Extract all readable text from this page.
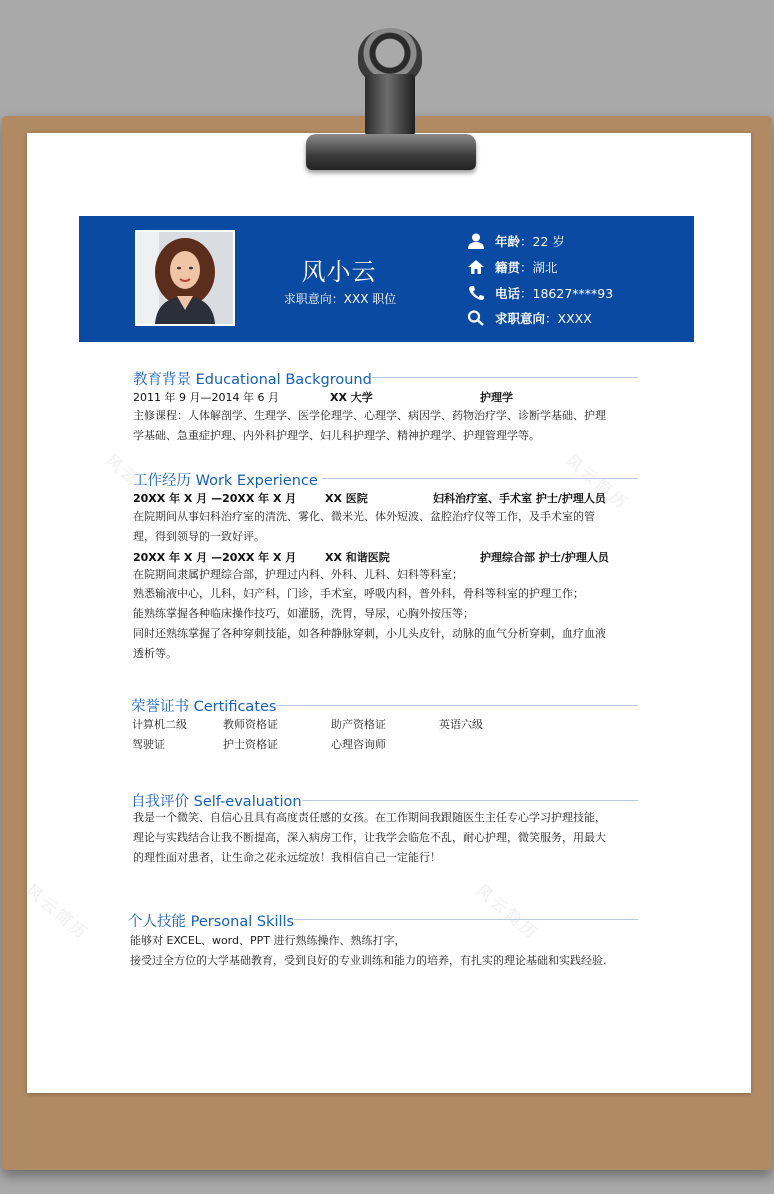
风小云
求职意向：XXX 职位
年龄 ：22 岁
籍贯 ：湖北
电话 ：18627****93
求职意向 ：XXXX
教育背景 Educational Background
2011 年 9 月—2014 年 6 月	XX 大学	护理学
主修课程：人体解剖学、生理学、医学伦理学、心理学、病因学、药物治疗学、诊断学基础、护理学基础、急重症护理、内外科护理学、妇儿科护理学、精神护理学、护理管理学等。
工作经历 Work Experience
20XX 年 X 月 —20XX 年 X 月	XX 医院	妇科治疗室、手术室 护士/护理人员
在院期间从事妇科治疗室的清洗、雾化、微米光、体外短波、盆腔治疗仪等工作，及手术室的管理，得到领导的一致好评。
20XX 年 X 月 —20XX 年 X 月	XX 和谐医院	护理综合部 护士/护理人员
在院期间隶属护理综合部，护理过内科、外科、儿科、妇科等科室；
熟悉输液中心，儿科，妇产科，门诊，手术室，呼吸内科，普外科，骨科等科室的护理工作；
能熟练掌握各种临床操作技巧，如灌肠，洗胃，导尿，心胸外按压等；
同时还熟练掌握了各种穿刺技能，如各种静脉穿刺，小儿头皮针，动脉的血气分析穿刺，血疗血液透析等。
荣誉证书 Certificates
计算机二级	教师资格证	助产资格证	英语六级
驾驶证	护士资格证	心理咨询师
自我评价 Self-evaluation
我是一个微笑、自信心且具有高度责任感的女孩。在工作期间我跟随医生主任专心学习护理技能，理论与实践结合让我不断提高，深入病房工作，让我学会临危不乱，耐心护理，微笑服务，用最大的理性面对患者，让生命之花永远绽放！我相信自己一定能行！
个人技能 Personal Skills
能够对 EXCEL、word、PPT 进行熟练操作、熟练打字，
接受过全方位的大学基础教育，受到良好的专业训练和能力的培养，有扎实的理论基础和实践经验.
